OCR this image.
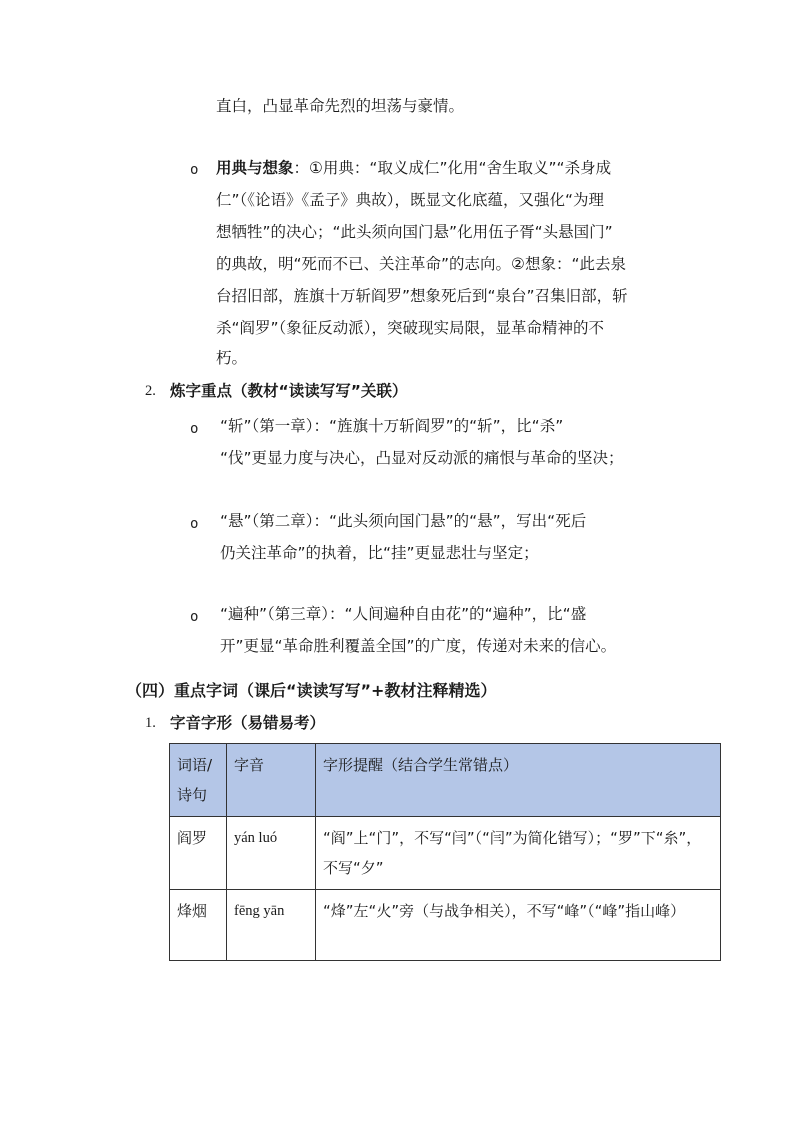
直白，凸显革命先烈的坦荡与豪情。
o 用典与想象：①用典：“取义成仁”化用“舍生取义”“杀身成
仁”（《论语》《孟子》典故），既显文化底蕴，又强化“为理
想牺牲”的决心；“此头须向国门悬”化用伍子胥“头悬国门”
的典故，明“死而不已、关注革命”的志向。②想象：“此去泉
台招旧部，旌旗十万斩阎罗”想象死后到“泉台”召集旧部，斩
杀“阎罗”（象征反动派），突破现实局限，显革命精神的不
朽。
2. 炼字重点（教材“读读写写”关联）
o “斩”（第一章）：“旌旗十万斩阎罗”的“斩”，比“杀”
“伐”更显力度与决心，凸显对反动派的痛恨与革命的坚决；
o “悬”（第二章）：“此头须向国门悬”的“悬”，写出“死后
仍关注革命”的执着，比“挂”更显悲壮与坚定；
o “遍种”（第三章）：“人间遍种自由花”的“遍种”，比“盛
开”更显“革命胜利覆盖全国”的广度，传递对未来的信心。
（四）重点字词（课后“读读写写”+教材注释精选）
1. 字音字形（易错易考）
词语/诗句	字音	字形提醒（结合学生常错点）
阎罗	yán luó	“阎”上“门”，不写“闫”（“闫”为简化错写）；“罗”下“糸”，不写“夕”
烽烟	fēng yān	“烽”左“火”旁（与战争相关），不写“峰”（“峰”指山峰）
